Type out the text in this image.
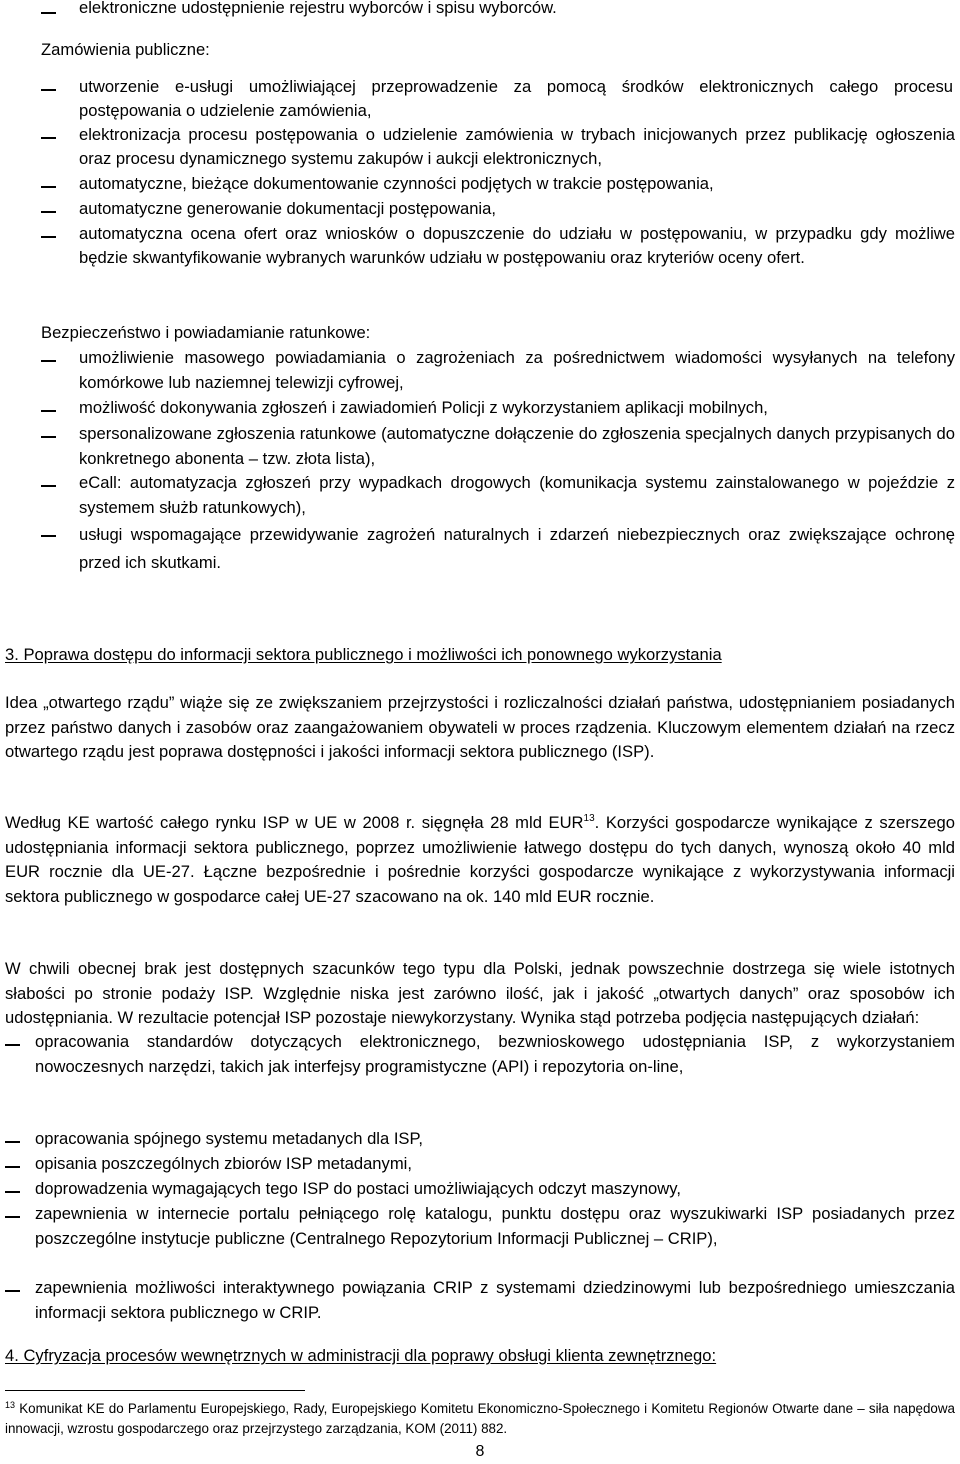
elektroniczne udostępnienie rejestru wyborców i spisu wyborców.
Zamówienia publiczne:
utworzenie e-usługi umożliwiającej przeprowadzenie za pomocą środków elektronicznych całego procesu postępowania o udzielenie zamówienia,
elektronizacja procesu postępowania o udzielenie zamówienia w trybach inicjowanych przez publikację ogłoszenia oraz procesu dynamicznego systemu zakupów i aukcji elektronicznych,
automatyczne, bieżące dokumentowanie czynności podjętych w trakcie postępowania,
automatyczne generowanie dokumentacji postępowania,
automatyczna ocena ofert oraz wniosków o dopuszczenie do udziału w postępowaniu, w przypadku gdy możliwe będzie skwantyfikowanie wybranych warunków udziału w postępowaniu oraz kryteriów oceny ofert.
Bezpieczeństwo i powiadamianie ratunkowe:
umożliwienie masowego powiadamiania o zagrożeniach za pośrednictwem wiadomości wysyłanych na telefony komórkowe lub naziemnej telewizji cyfrowej,
możliwość dokonywania zgłoszeń i zawiadomień Policji z wykorzystaniem aplikacji mobilnych,
spersonalizowane zgłoszenia ratunkowe (automatyczne dołączenie do zgłoszenia specjalnych danych przypisanych do konkretnego abonenta – tzw. złota lista),
eCall: automatyzacja zgłoszeń przy wypadkach drogowych (komunikacja systemu zainstalowanego w pojeździe z systemem służb ratunkowych),
usługi wspomagające przewidywanie zagrożeń naturalnych i zdarzeń niebezpiecznych oraz zwiększające ochronę przed ich skutkami.
3. Poprawa dostępu do informacji sektora publicznego i możliwości ich ponownego wykorzystania
Idea „otwartego rządu” wiąże się ze zwiększaniem przejrzystości i rozliczalności działań państwa, udostępnianiem posiadanych przez państwo danych i zasobów oraz zaangażowaniem obywateli w proces rządzenia. Kluczowym elementem działań na rzecz otwartego rządu jest poprawa dostępności i jakości informacji sektora publicznego (ISP).
Według KE wartość całego rynku ISP w UE w 2008 r. sięgnęła 28 mld EUR$^{13}$. Korzyści gospodarcze wynikające z szerszego udostępniania informacji sektora publicznego, poprzez umożliwienie łatwego dostępu do tych danych, wynoszą około 40 mld EUR rocznie dla UE-27. Łączne bezpośrednie i pośrednie korzyści gospodarcze wynikające z wykorzystywania informacji sektora publicznego w gospodarce całej UE-27 szacowano na ok. 140 mld EUR rocznie.
W chwili obecnej brak jest dostępnych szacunków tego typu dla Polski, jednak powszechnie dostrzega się wiele istotnych słabości po stronie podaży ISP. Względnie niska jest zarówno ilość, jak i jakość „otwartych danych” oraz sposobów ich udostępniania. W rezultacie potencjał ISP pozostaje niewykorzystany. Wynika stąd potrzeba podjęcia następujących działań:
opracowania standardów dotyczących elektronicznego, bezwnioskowego udostępniania ISP, z wykorzystaniem nowoczesnych narzędzi, takich jak interfejsy programistyczne (API) i repozytoria on-line,
opracowania spójnego systemu metadanych dla ISP,
opisania poszczególnych zbiorów ISP metadanymi,
doprowadzenia wymagających tego ISP do postaci umożliwiających odczyt maszynowy,
zapewnienia w internecie portalu pełniącego rolę katalogu, punktu dostępu oraz wyszukiwarki ISP posiadanych przez poszczególne instytucje publiczne (Centralnego Repozytorium Informacji Publicznej – CRIP),
zapewnienia możliwości interaktywnego powiązania CRIP z systemami dziedzinowymi lub bezpośredniego umieszczania informacji sektora publicznego w CRIP.
4. Cyfryzacja procesów wewnętrznych w administracji dla poprawy obsługi klienta zewnętrznego:
$^{13}$ Komunikat KE do Parlamentu Europejskiego, Rady, Europejskiego Komitetu Ekonomiczno-Społecznego i Komitetu Regionów Otwarte dane – siła napędowa innowacji, wzrostu gospodarczego oraz przejrzystego zarządzania, KOM (2011) 882.
8
